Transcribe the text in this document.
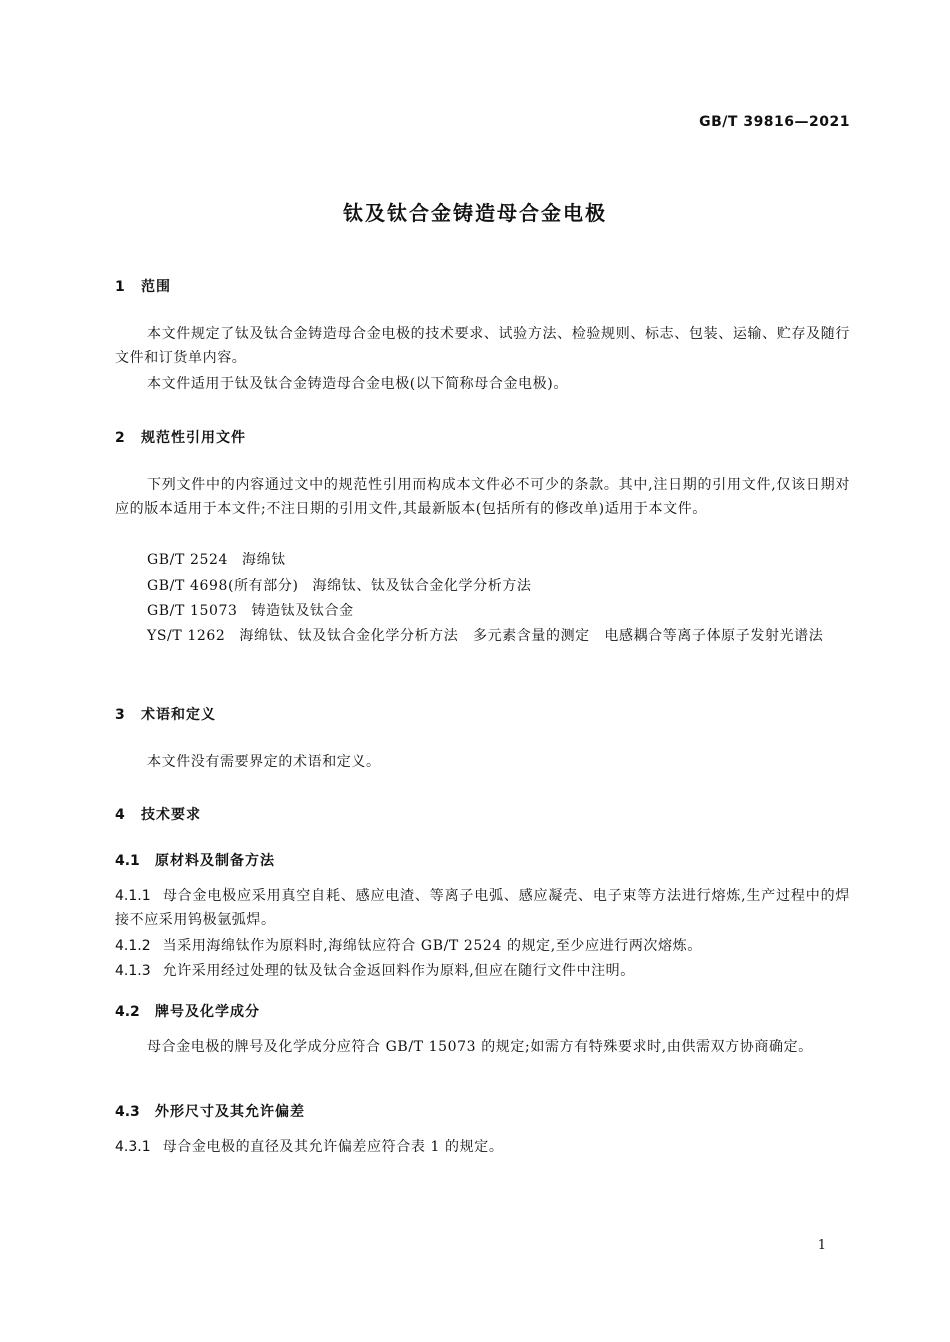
GB/T 39816—2021
钛及钛合金铸造母合金电极
1 范围
本文件规定了钛及钛合金铸造母合金电极的技术要求、试验方法、检验规则、标志、包装、运输、贮存及随行文件和订货单内容。
本文件适用于钛及钛合金铸造母合金电极(以下简称母合金电极)。
2 规范性引用文件
下列文件中的内容通过文中的规范性引用而构成本文件必不可少的条款。其中,注日期的引用文件,仅该日期对应的版本适用于本文件;不注日期的引用文件,其最新版本(包括所有的修改单)适用于本文件。
GB/T 2524 海绵钛
GB/T 4698(所有部分) 海绵钛、钛及钛合金化学分析方法
GB/T 15073 铸造钛及钛合金
YS/T 1262 海绵钛、钛及钛合金化学分析方法　多元素含量的测定　电感耦合等离子体原子发射光谱法
3 术语和定义
本文件没有需要界定的术语和定义。
4 技术要求
4.1 原材料及制备方法
4.1.1 母合金电极应采用真空自耗、感应电渣、等离子电弧、感应凝壳、电子束等方法进行熔炼,生产过程中的焊接不应采用钨极氩弧焊。
4.1.2 当采用海绵钛作为原料时,海绵钛应符合 GB/T 2524 的规定,至少应进行两次熔炼。
4.1.3 允许采用经过处理的钛及钛合金返回料作为原料,但应在随行文件中注明。
4.2 牌号及化学成分
母合金电极的牌号及化学成分应符合 GB/T 15073 的规定;如需方有特殊要求时,由供需双方协商确定。
4.3 外形尺寸及其允许偏差
4.3.1 母合金电极的直径及其允许偏差应符合表 1 的规定。
1
